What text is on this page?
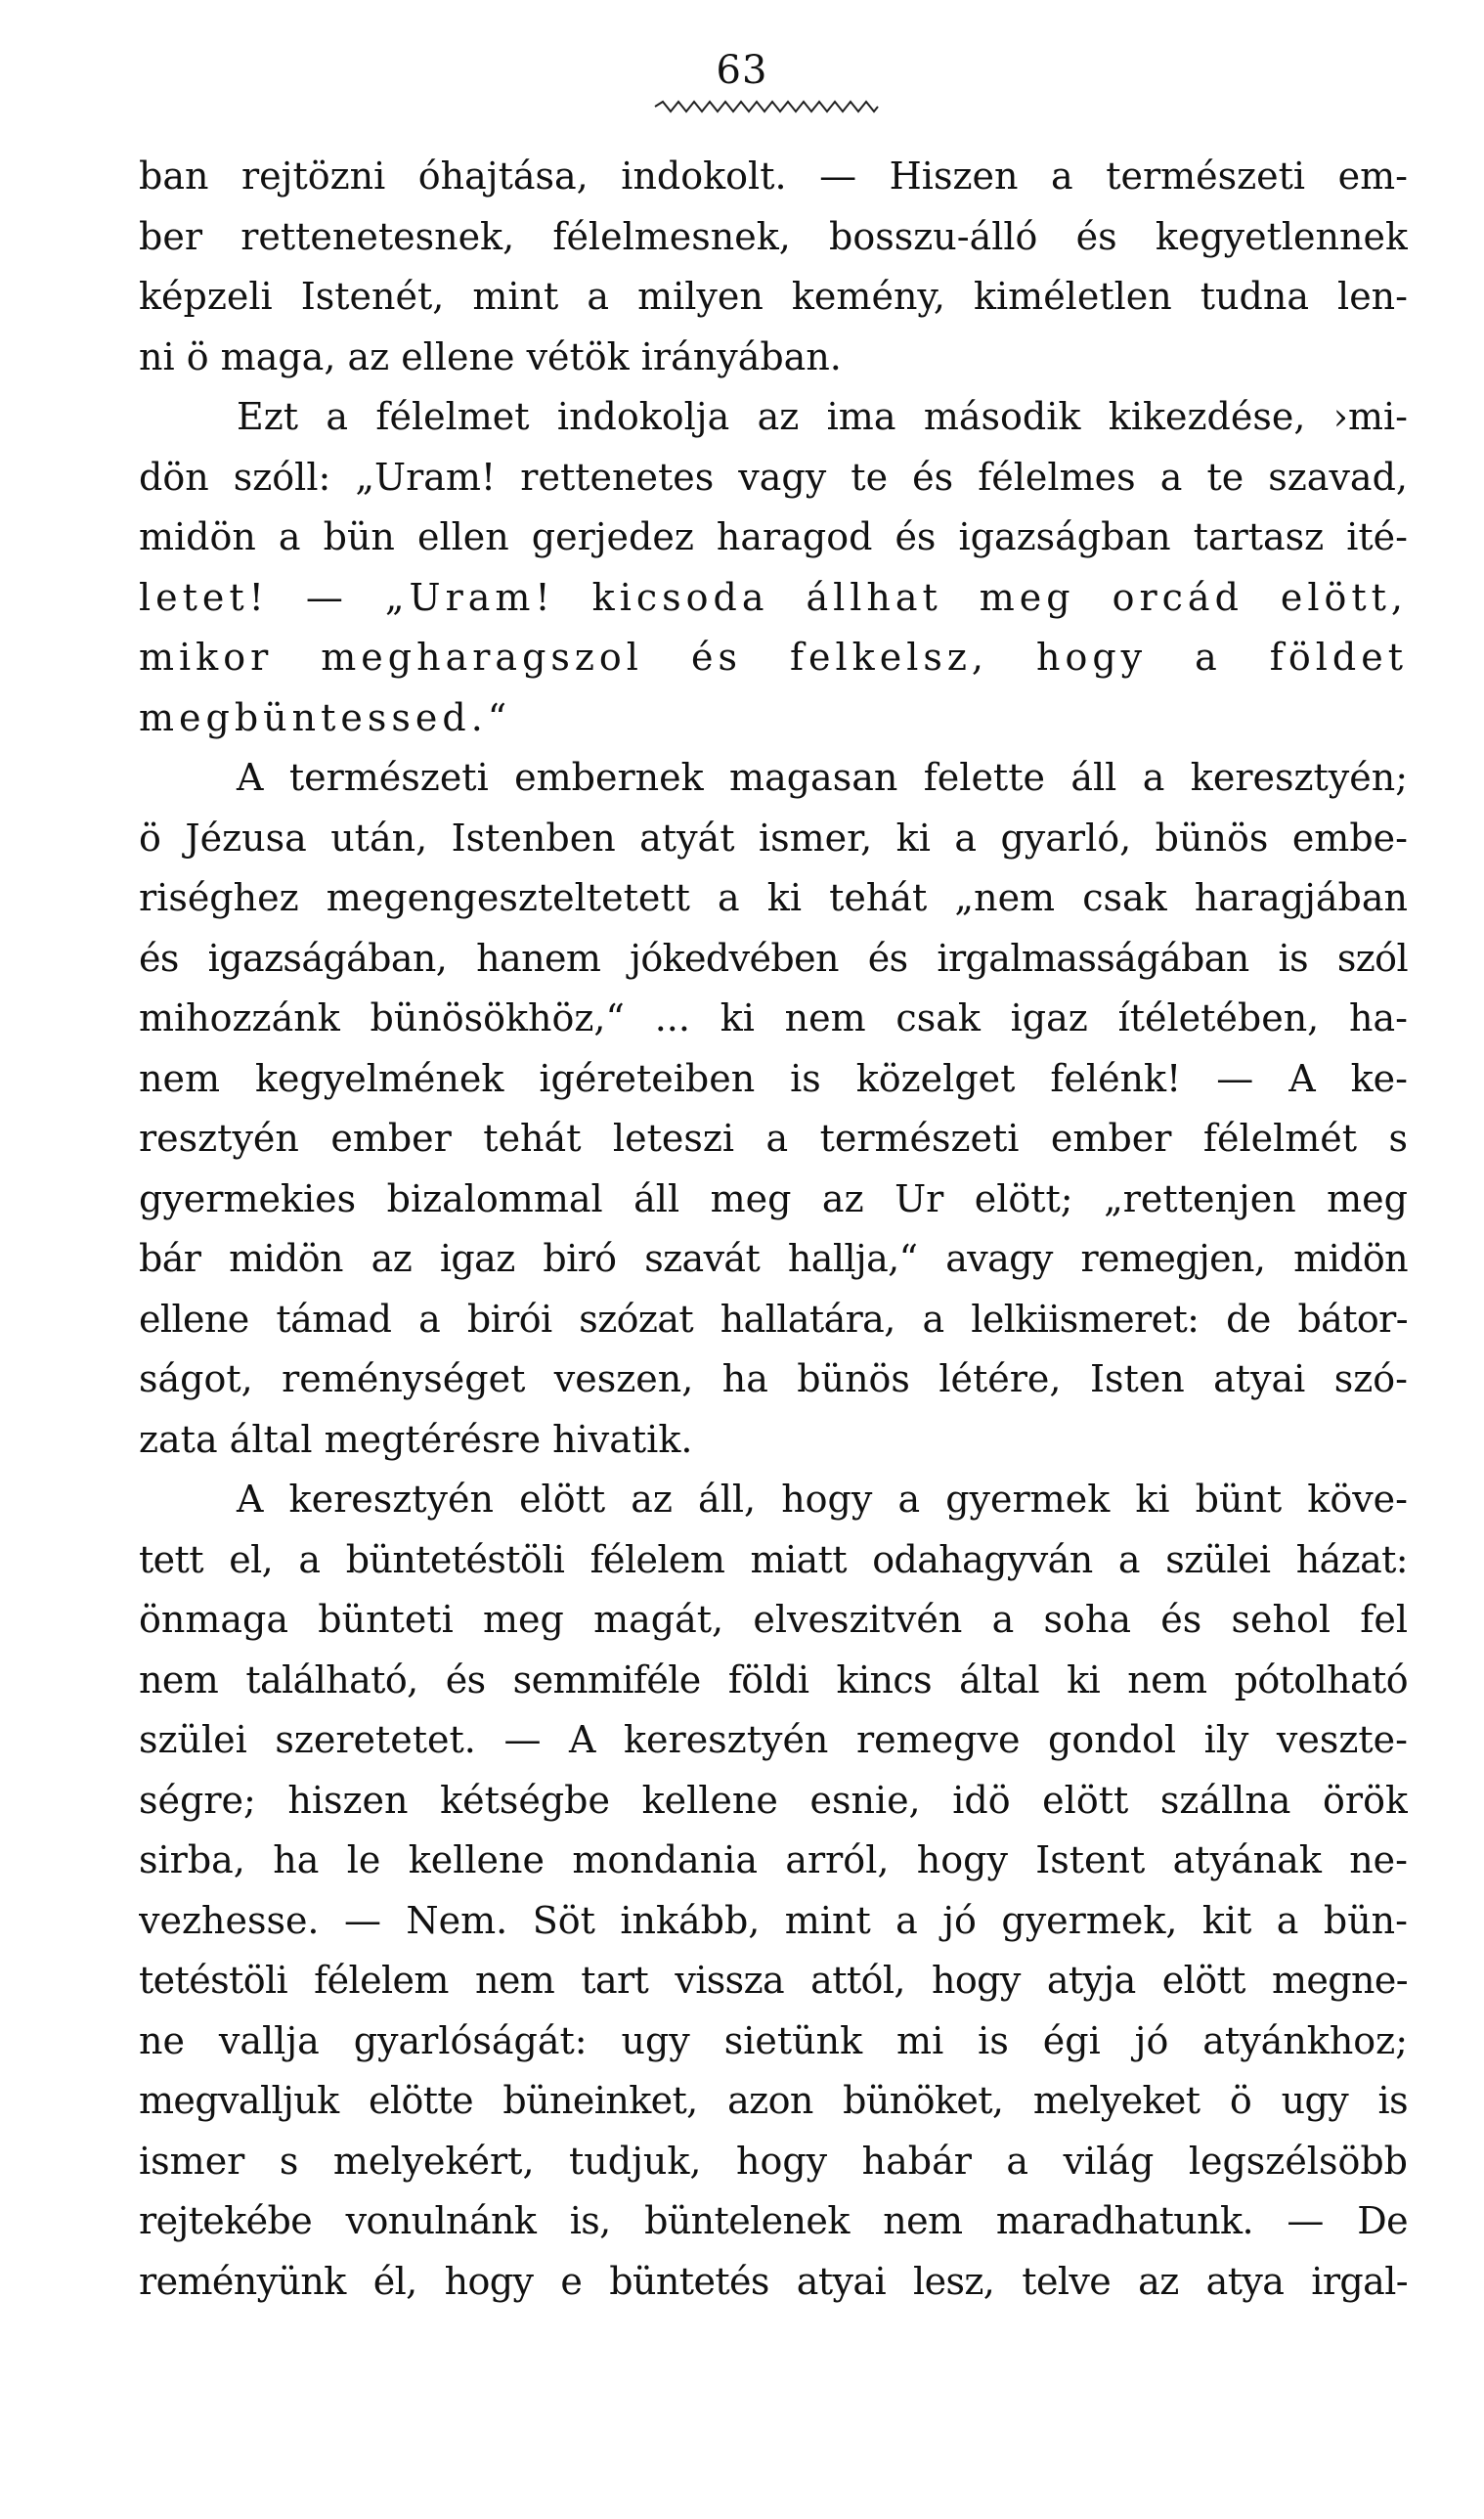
63
ban rejtözni óhajtása, indokolt. — Hiszen a természeti em-
ber rettenetesnek, félelmesnek, bosszu-álló és kegyetlennek
képzeli Istenét, mint a milyen kemény, kiméletlen tudna len-
ni ö maga, az ellene vétök irányában.
Ezt a félelmet indokolja az ima második kikezdése, ›mi-
dön szóll: „Uram! rettenetes vagy te és félelmes a te szavad,
midön a bün ellen gerjedez haragod és igazságban tartasz ité-
letet! — „Uram! kicsoda állhat meg orcád elött,
mikor megharagszol és felkelsz, hogy a földet
megbüntessed.“
A természeti embernek magasan felette áll a keresztyén;
ö Jézusa után, Istenben atyát ismer, ki a gyarló, bünös embe-
riséghez megengeszteltetett a ki tehát „nem csak haragjában
és igazságában, hanem jókedvében és irgalmasságában is szól
mihozzánk bünösökhöz,“ ... ki nem csak igaz ítéletében, ha-
nem kegyelmének igéreteiben is közelget felénk! — A ke-
resztyén ember tehát leteszi a természeti ember félelmét s
gyermekies bizalommal áll meg az Ur elött; „rettenjen meg
bár midön az igaz biró szavát hallja,“ avagy remegjen, midön
ellene támad a birói szózat hallatára, a lelkiismeret: de bátor-
ságot, reménységet veszen, ha bünös létére, Isten atyai szó-
zata által megtérésre hivatik.
A keresztyén elött az áll, hogy a gyermek ki bünt köve-
tett el, a büntetéstöli félelem miatt odahagyván a szülei házat:
önmaga bünteti meg magát, elveszitvén a soha és sehol fel
nem található, és semmiféle földi kincs által ki nem pótolható
szülei szeretetet. — A keresztyén remegve gondol ily veszte-
ségre; hiszen kétségbe kellene esnie, idö elött szállna örök
sirba, ha le kellene mondania arról, hogy Istent atyának ne-
vezhesse. — Nem. Söt inkább, mint a jó gyermek, kit a bün-
tetéstöli félelem nem tart vissza attól, hogy atyja elött megne-
ne vallja gyarlóságát: ugy sietünk mi is égi jó atyánkhoz;
megvalljuk elötte büneinket, azon bünöket, melyeket ö ugy is
ismer s melyekért, tudjuk, hogy habár a világ legszélsöbb
rejtekébe vonulnánk is, büntelenek nem maradhatunk. — De
reményünk él, hogy e büntetés atyai lesz, telve az atya irgal-
